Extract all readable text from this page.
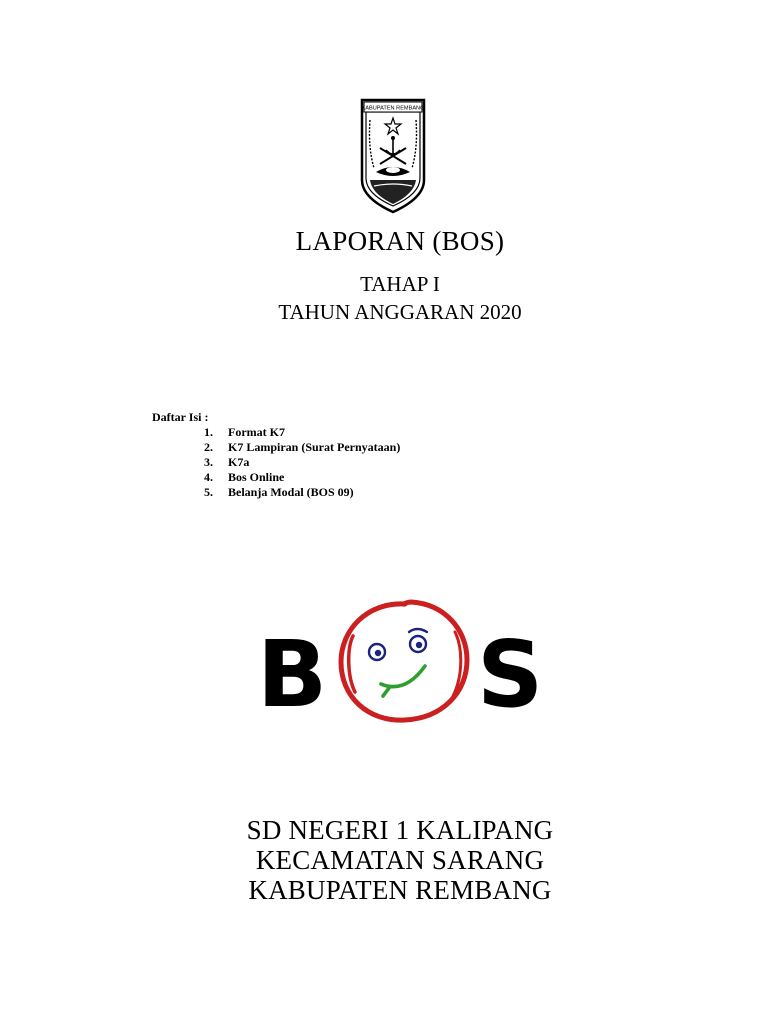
KABUPATEN REMBANG
LAPORAN (BOS)

TAHAP I

TAHUN ANGGARAN 2020

Daftar Isi :
1.	Format K7
2.	K7 Lampiran (Surat Pernyataan)
3.	K7a
4.	Bos Online
5.	Belanja Modal (BOS 09)
B S

SD NEGERI 1 KALIPANG

KECAMATAN SARANG

KABUPATEN REMBANG
